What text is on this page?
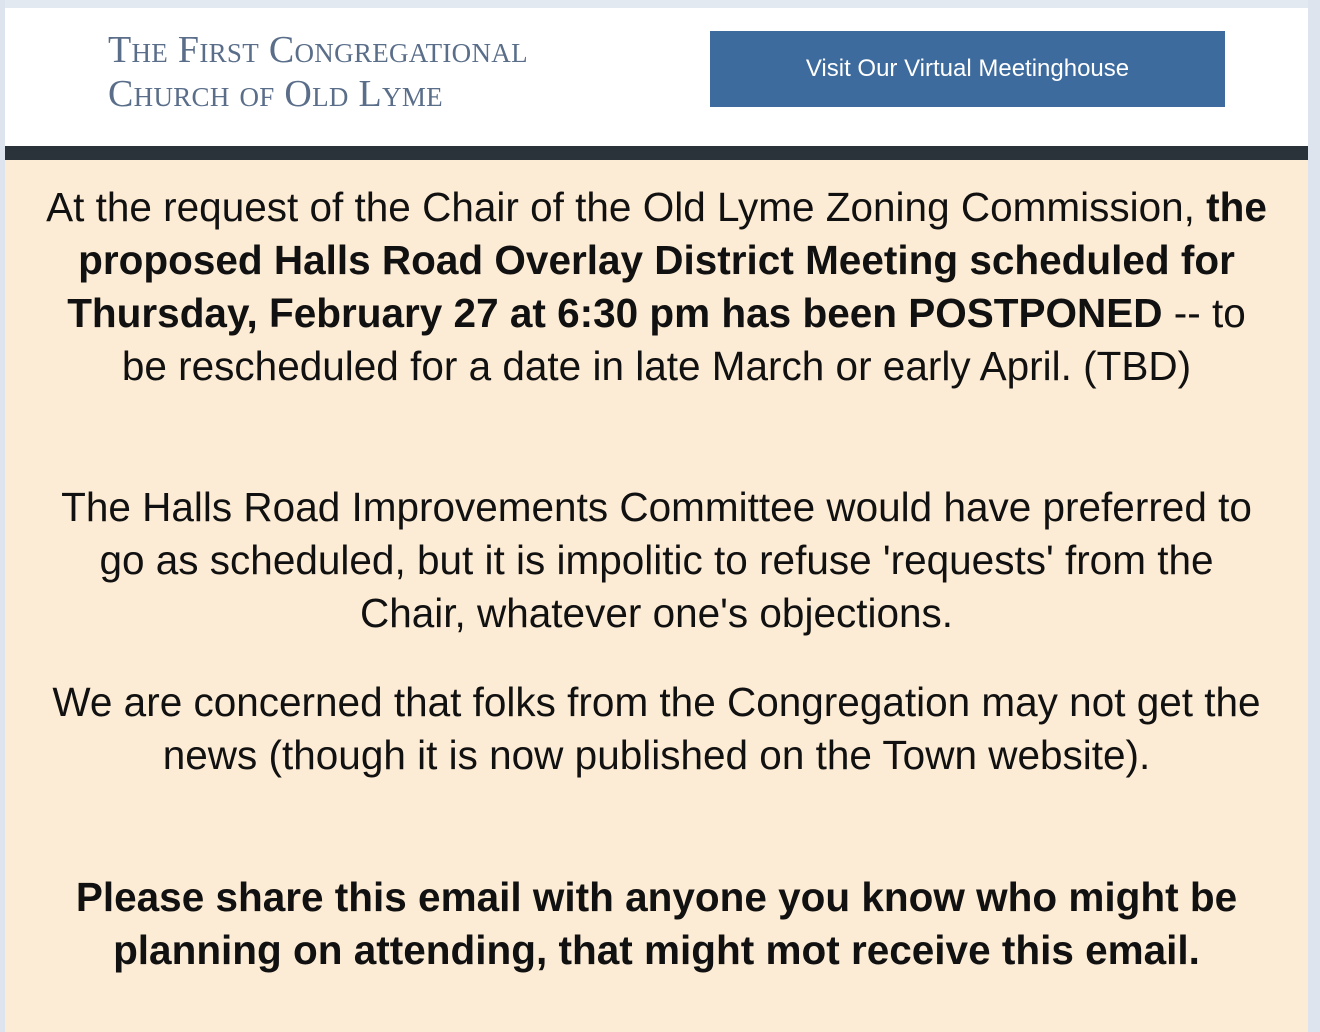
The First Congregational
Church of Old Lyme
Visit Our Virtual Meetinghouse

At the request of the Chair of the Old Lyme Zoning Commission, the proposed Halls Road Overlay District Meeting scheduled for Thursday, February 27 at 6:30 pm has been POSTPONED -- to be rescheduled for a date in late March or early April. (TBD)

The Halls Road Improvements Committee would have preferred to go as scheduled, but it is impolitic to refuse 'requests' from the Chair, whatever one's objections.

We are concerned that folks from the Congregation may not get the news (though it is now published on the Town website).

Please share this email with anyone you know who might be planning on attending, that might mot receive this email.
